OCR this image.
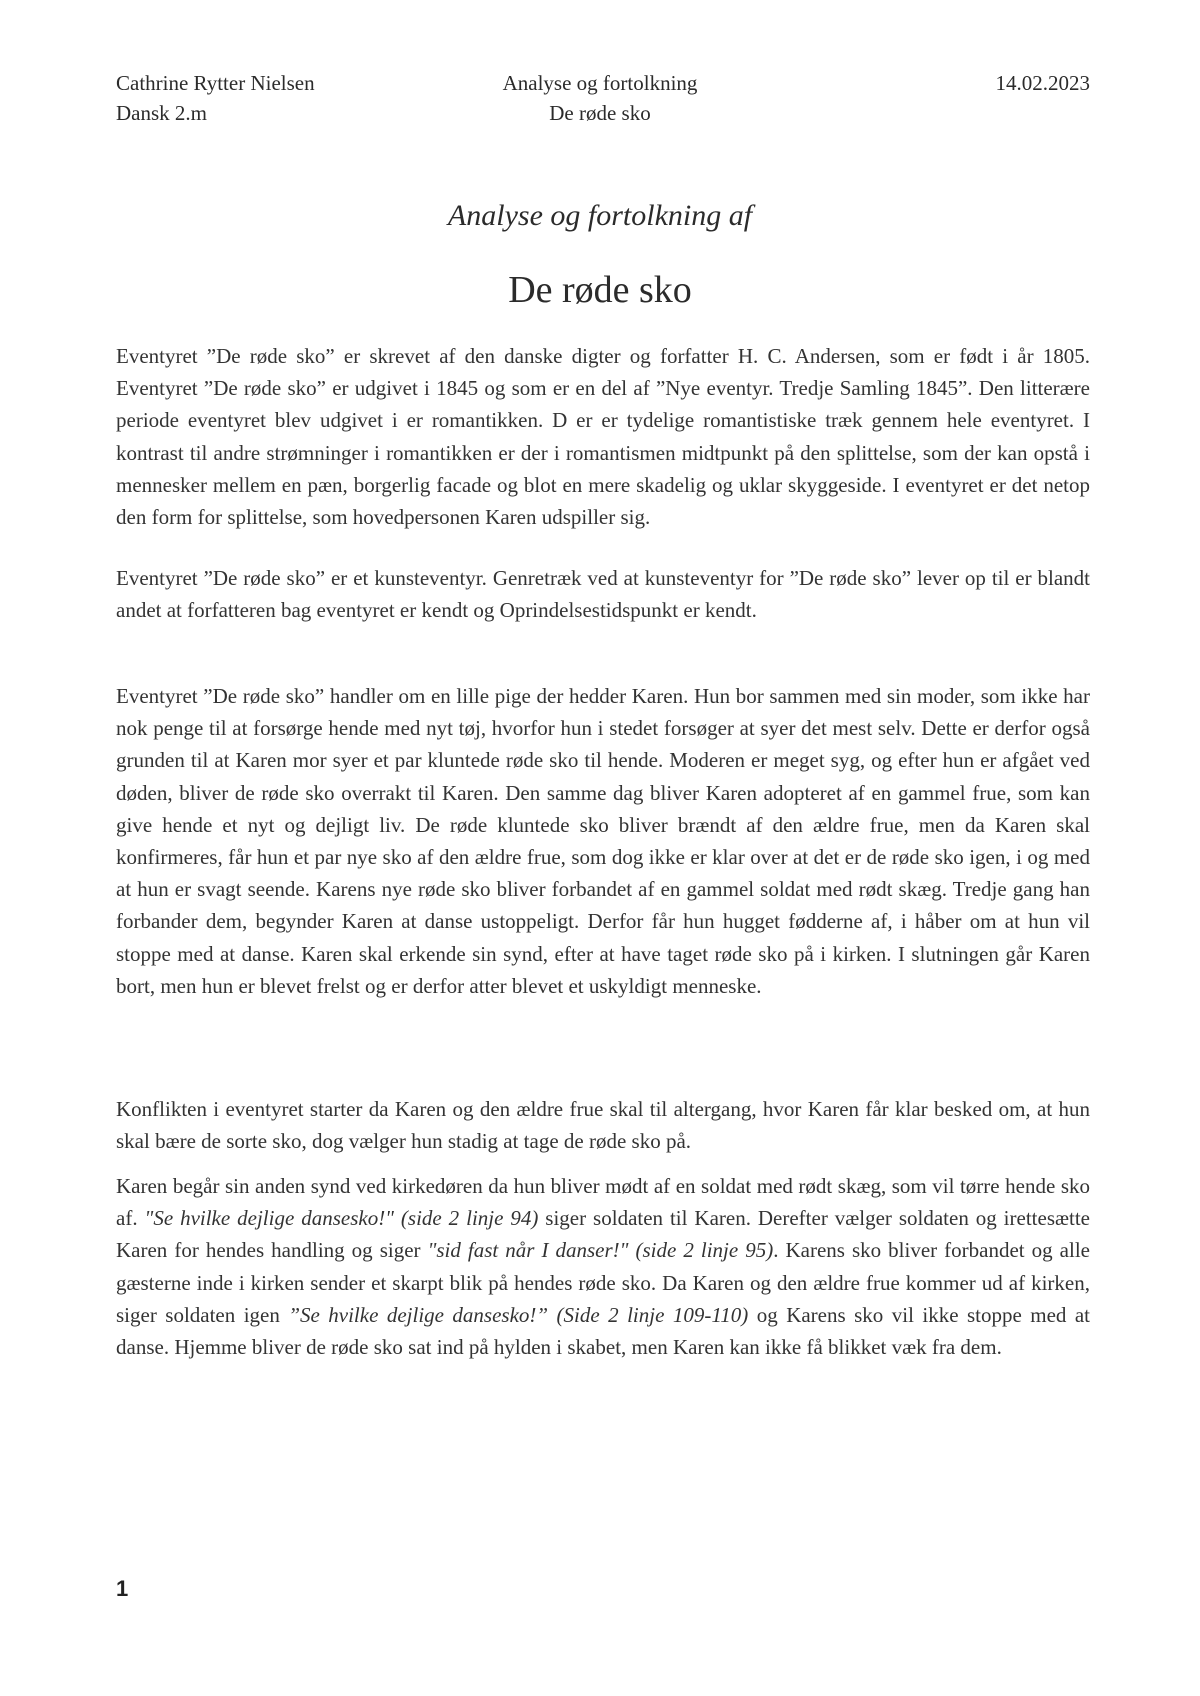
Cathrine Rytter Nielsen
Dansk 2.m
Analyse og fortolkning
De røde sko
14.02.2023
Analyse og fortolkning af
De røde sko

Eventyret ”De røde sko” er skrevet af den danske digter og forfatter H. C. Andersen, som er født i år 1805. Eventyret ”De røde sko” er udgivet i 1845 og som er en del af ”Nye eventyr. Tredje Samling 1845”. Den litterære periode eventyret blev udgivet i er romantikken. D er er tydelige romantistiske træk gennem hele eventyret. I kontrast til andre strømninger i romantikken er der i romantismen midtpunkt på den splittelse, som der kan opstå i mennesker mellem en pæn, borgerlig facade og blot en mere skadelig og uklar skyggeside. I eventyret er det netop den form for splittelse, som hovedpersonen Karen udspiller sig.

Eventyret ”De røde sko” er et kunsteventyr. Genretræk ved at kunsteventyr for ”De røde sko” lever op til er blandt andet at forfatteren bag eventyret er kendt og Oprindelsestidspunkt er kendt.

Eventyret ”De røde sko” handler om en lille pige der hedder Karen. Hun bor sammen med sin moder, som ikke har nok penge til at forsørge hende med nyt tøj, hvorfor hun i stedet forsøger at syer det mest selv. Dette er derfor også grunden til at Karen mor syer et par kluntede røde sko til hende. Moderen er meget syg, og efter hun er afgået ved døden, bliver de røde sko overrakt til Karen. Den samme dag bliver Karen adopteret af en gammel frue, som kan give hende et nyt og dejligt liv. De røde kluntede sko bliver brændt af den ældre frue, men da Karen skal konfirmeres, får hun et par nye sko af den ældre frue, som dog ikke er klar over at det er de røde sko igen, i og med at hun er svagt seende. Karens nye røde sko bliver forbandet af en gammel soldat med rødt skæg. Tredje gang han forbander dem, begynder Karen at danse ustoppeligt. Derfor får hun hugget fødderne af, i håber om at hun vil stoppe med at danse. Karen skal erkende sin synd, efter at have taget røde sko på i kirken. I slutningen går Karen bort, men hun er blevet frelst og er derfor atter blevet et uskyldigt menneske.

Konflikten i eventyret starter da Karen og den ældre frue skal til altergang, hvor Karen får klar besked om, at hun skal bære de sorte sko, dog vælger hun stadig at tage de røde sko på.

Karen begår sin anden synd ved kirkedøren da hun bliver mødt af en soldat med rødt skæg, som vil tørre hende sko af. "Se hvilke dejlige dansesko!" (side 2 linje 94) siger soldaten til Karen. Derefter vælger soldaten og irettesætte Karen for hendes handling og siger "sid fast når I danser!" (side 2 linje 95). Karens sko bliver forbandet og alle gæsterne inde i kirken sender et skarpt blik på hendes røde sko. Da Karen og den ældre frue kommer ud af kirken, siger soldaten igen ”Se hvilke dejlige dansesko!” (Side 2 linje 109-110) og Karens sko vil ikke stoppe med at danse. Hjemme bliver de røde sko sat ind på hylden i skabet, men Karen kan ikke få blikket væk fra dem.

1
